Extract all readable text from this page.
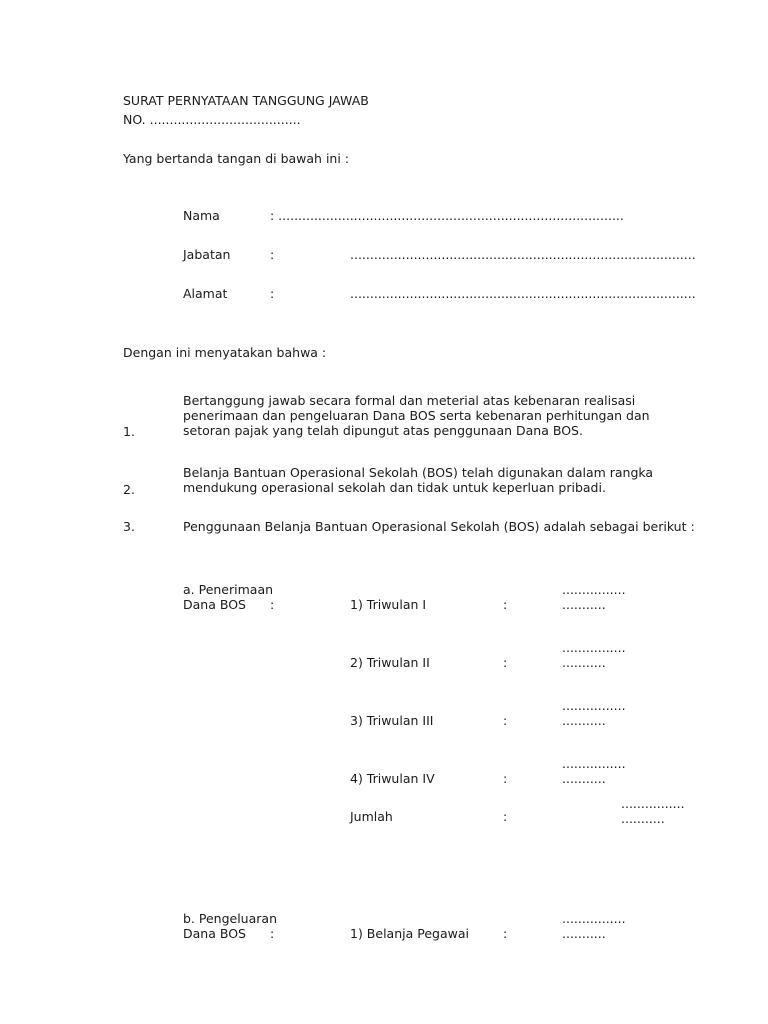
SURAT PERNYATAAN TANGGUNG JAWAB
NO. ......................................
Yang bertanda tangan di bawah ini :
Nama	: .......................................................................................
Jabatan	:	.......................................................................................
Alamat	:	.......................................................................................
Dengan ini menyatakan bahwa :
1.
Bertanggung jawab secara formal dan meterial atas kebenaran realisasi penerimaan dan pengeluaran Dana BOS serta kebenaran perhitungan dan setoran pajak yang telah dipungut atas penggunaan Dana BOS.
2.
Belanja Bantuan Operasional Sekolah (BOS) telah digunakan dalam rangka mendukung operasional sekolah dan tidak untuk keperluan pribadi.
3.	Penggunaan Belanja Bantuan Operasional Sekolah (BOS) adalah sebagai berikut :
a. Penerimaan
Dana BOS :	1) Triwulan I	:
................
...........
2) Triwulan II	:
................
...........
3) Triwulan III	:
................
...........
4) Triwulan IV	:
................
...........
Jumlah	:
................
...........
b. Pengeluaran
Dana BOS :	1) Belanja Pegawai	:
................
...........
